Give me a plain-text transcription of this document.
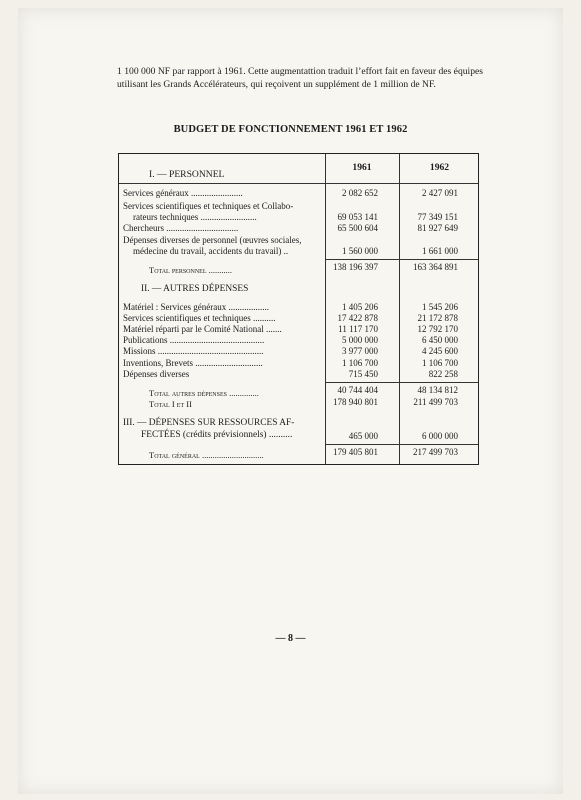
1 100 000 NF par rapport à 1961. Cette augmentattion traduit l’effort fait en faveur des équipes utilisant les Grands Accélérateurs, qui reçoivent un supplément de 1 million de NF.
BUDGET DE FONCTIONNEMENT 1961 ET 1962
1961	1962
I. — PERSONNEL
Services généraux .......................	2 082 652	2 427 091
Services scientifiques et techniques et Collabo-
rateurs techniques .........................	69 053 141	77 349 151
Chercheurs ................................	65 500 604	81 927 649
Dépenses diverses de personnel (œuvres sociales,
médecine du travail, accidents du travail) ..	1 560 000	1 661 000
Total personnel ...........	138 196 397	163 364 891
II. — AUTRES DÉPENSES
Matériel : Services généraux ..................	1 405 206	1 545 206
Services scientifiques et techniques ..........	17 422 878	21 172 878
Matériel réparti par le Comité National .......	11 117 170	12 792 170
Publications ..........................................	5 000 000	6 450 000
Missions ...............................................	3 977 000	4 245 600
Inventions, Brevets ..............................	1 106 700	1 106 700
Dépenses diverses	715 450	822 258
Total autres dépenses ..............	40 744 404	48 134 812
Total I et II	178 940 801	211 499 703
III. — DÉPENSES SUR RESSOURCES AF-
FECTÉES (crédits prévisionnels) ..........	465 000	6 000 000
Total général .............................	179 405 801	217 499 703
— 8 —
